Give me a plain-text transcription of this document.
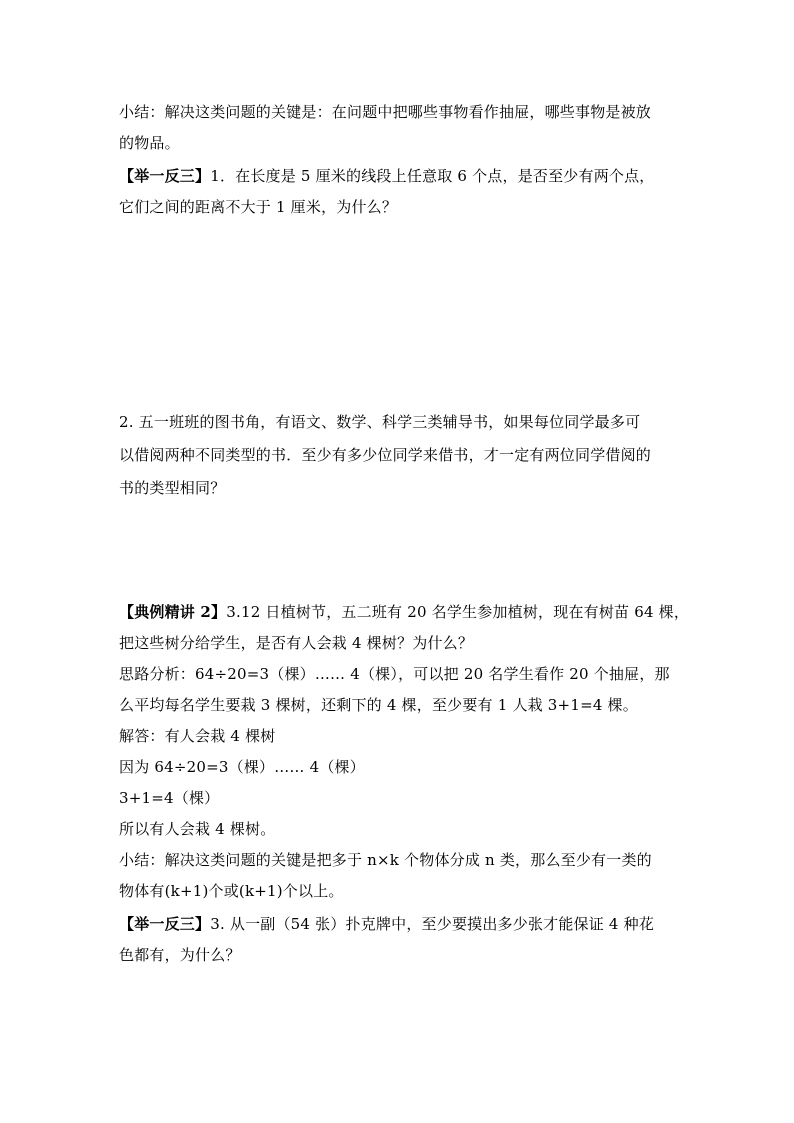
小结：解决这类问题的关键是：在问题中把哪些事物看作抽屉，哪些事物是被放
的物品。
【举一反三】1．在长度是 5 厘米的线段上任意取 6 个点，是否至少有两个点，
它们之间的距离不大于 1 厘米，为什么？
2. 五一班班的图书角，有语文、数学、科学三类辅导书，如果每位同学最多可
以借阅两种不同类型的书．至少有多少位同学来借书，才一定有两位同学借阅的
书的类型相同？
【典例精讲 2】3.12 日植树节，五二班有 20 名学生参加植树，现在有树苗 64 棵，
把这些树分给学生，是否有人会栽 4 棵树？为什么？
思路分析：64÷20=3（棵）…… 4（棵），可以把 20 名学生看作 20 个抽屉，那
么平均每名学生要栽 3 棵树，还剩下的 4 棵，至少要有 1 人栽 3+1=4 棵。
解答：有人会栽 4 棵树
因为 64÷20=3（棵）…… 4（棵）
3+1=4（棵）
所以有人会栽 4 棵树。
小结：解决这类问题的关键是把多于 n×k 个物体分成 n 类，那么至少有一类的
物体有(k+1)个或(k+1)个以上。
【举一反三】3. 从一副（54 张）扑克牌中，至少要摸出多少张才能保证 4 种花
色都有，为什么？
